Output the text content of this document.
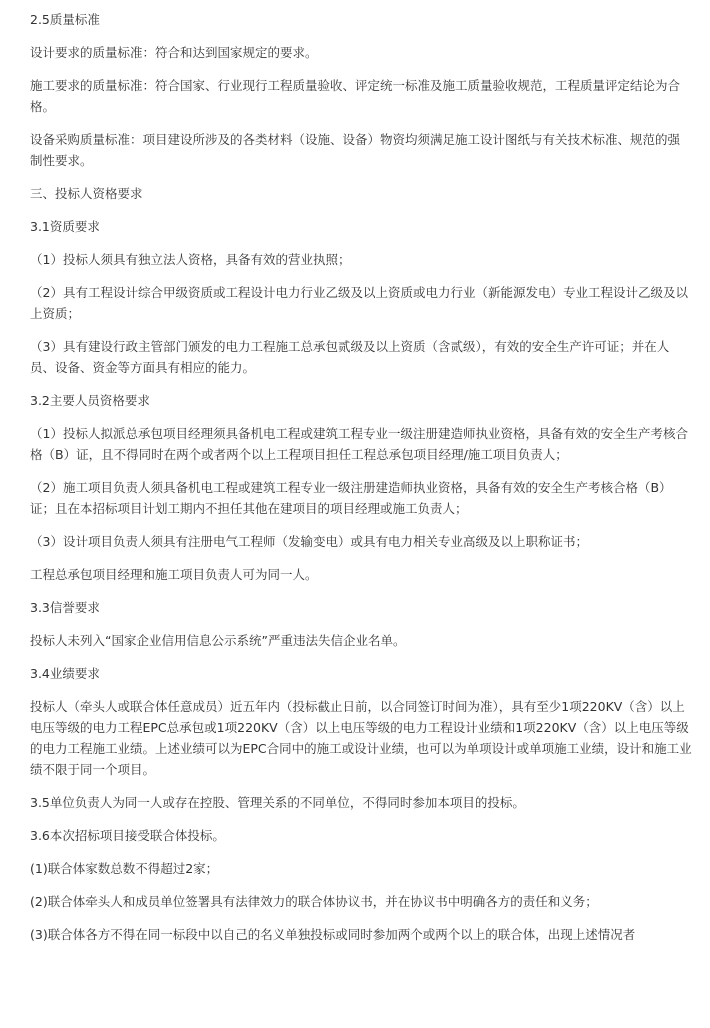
2.5质量标准

设计要求的质量标准：符合和达到国家规定的要求。

施工要求的质量标准：符合国家、行业现行工程质量验收、评定统一标准及施工质量验收规范，工程质量评定结论为合格。

设备采购质量标准：项目建设所涉及的各类材料（设施、设备）物资均须满足施工设计图纸与有关技术标准、规范的强制性要求。

三、投标人资格要求

3.1资质要求

（1）投标人须具有独立法人资格，具备有效的营业执照；

（2）具有工程设计综合甲级资质或工程设计电力行业乙级及以上资质或电力行业（新能源发电）专业工程设计乙级及以上资质；

（3）具有建设行政主管部门颁发的电力工程施工总承包贰级及以上资质（含贰级），有效的安全生产许可证；并在人员、设备、资金等方面具有相应的能力。

3.2主要人员资格要求

（1）投标人拟派总承包项目经理须具备机电工程或建筑工程专业一级注册建造师执业资格，具备有效的安全生产考核合格（B）证，且不得同时在两个或者两个以上工程项目担任工程总承包项目经理/施工项目负责人；

（2）施工项目负责人须具备机电工程或建筑工程专业一级注册建造师执业资格，具备有效的安全生产考核合格（B）证；且在本招标项目计划工期内不担任其他在建项目的项目经理或施工负责人；

（3）设计项目负责人须具有注册电气工程师（发输变电）或具有电力相关专业高级及以上职称证书；

工程总承包项目经理和施工项目负责人可为同一人。

3.3信誉要求

投标人未列入“国家企业信用信息公示系统”严重违法失信企业名单。

3.4业绩要求

投标人（牵头人或联合体任意成员）近五年内（投标截止日前，以合同签订时间为准），具有至少1项220KV（含）以上电压等级的电力工程EPC总承包或1项220KV（含）以上电压等级的电力工程设计业绩和1项220KV（含）以上电压等级的电力工程施工业绩。上述业绩可以为EPC合同中的施工或设计业绩，也可以为单项设计或单项施工业绩，设计和施工业绩不限于同一个项目。

3.5单位负责人为同一人或存在控股、管理关系的不同单位，不得同时参加本项目的投标。

3.6本次招标项目接受联合体投标。

(1)联合体家数总数不得超过2家；

(2)联合体牵头人和成员单位签署具有法律效力的联合体协议书，并在协议书中明确各方的责任和义务；

(3)联合体各方不得在同一标段中以自己的名义单独投标或同时参加两个或两个以上的联合体，出现上述情况者
